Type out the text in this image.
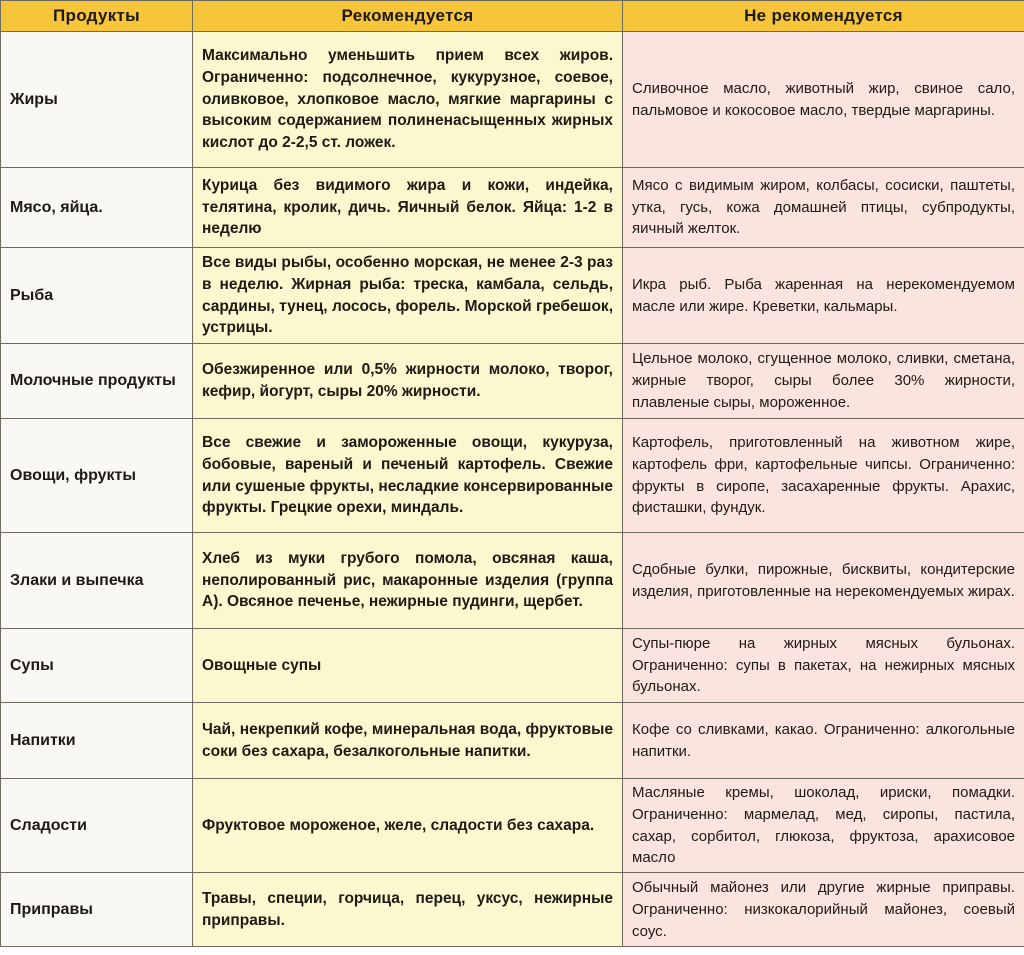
Продукты	Рекомендуется	Не рекомендуется
Жиры	Максимально уменьшить прием всех жиров. Ограниченно: подсолнечное, кукурузное, соевое, оливковое, хлопковое масло, мягкие маргарины с высоким содержанием полиненасыщенных жирных кислот до 2-2,5 ст. ложек.	Сливочное масло, животный жир, свиное сало, пальмовое и кокосовое масло, твердые маргарины.
Мясо, яйца.	Курица без видимого жира и кожи, индейка, телятина, кролик, дичь. Яичный белок. Яйца: 1-2 в неделю	Мясо с видимым жиром, колбасы, сосиски, паштеты, утка, гусь, кожа домашней птицы, субпродукты, яичный желток.
Рыба	Все виды рыбы, особенно морская, не менее 2-3 раз в неделю. Жирная рыба: треска, камбала, сельдь, сардины, тунец, лосось, форель. Морской гребешок, устрицы.	Икра рыб. Рыба жаренная на нерекомендуемом масле или жире. Креветки, кальмары.
Молочные продукты	Обезжиренное или 0,5% жирности молоко, творог, кефир, йогурт, сыры 20% жирности.	Цельное молоко, сгущенное молоко, сливки, сметана, жирные творог, сыры более 30% жирности, плавленые сыры, мороженное.
Овощи, фрукты	Все свежие и замороженные овощи, кукуруза, бобовые, вареный и печеный картофель. Свежие или сушеные фрукты, несладкие консервированные фрукты. Грецкие орехи, миндаль.	Картофель, приготовленный на животном жире, картофель фри, картофельные чипсы. Ограниченно: фрукты в сиропе, засахаренные фрукты. Арахис, фисташки, фундук.
Злаки и выпечка	Хлеб из муки грубого помола, овсяная каша, неполированный рис, макаронные изделия (группа А). Овсяное печенье, нежирные пудинги, щербет.	Сдобные булки, пирожные, бисквиты, кондитерские изделия, приготовленные на нерекомендуемых жирах.
Супы	Овощные супы	Супы-пюре на жирных мясных бульонах. Ограниченно: супы в пакетах, на нежирных мясных бульонах.
Напитки	Чай, некрепкий кофе, минеральная вода, фруктовые соки без сахара, безалкогольные напитки.	Кофе со сливками, какао. Ограниченно: алкогольные напитки.
Сладости	Фруктовое мороженое, желе, сладости без сахара.	Масляные кремы, шоколад, ириски, помадки. Ограниченно: мармелад, мед, сиропы, пастила, сахар, сорбитол, глюкоза, фруктоза, арахисовое масло
Приправы	Травы, специи, горчица, перец, уксус, нежирные приправы.	Обычный майонез или другие жирные приправы. Ограниченно: низкокалорийный майонез, соевый соус.
